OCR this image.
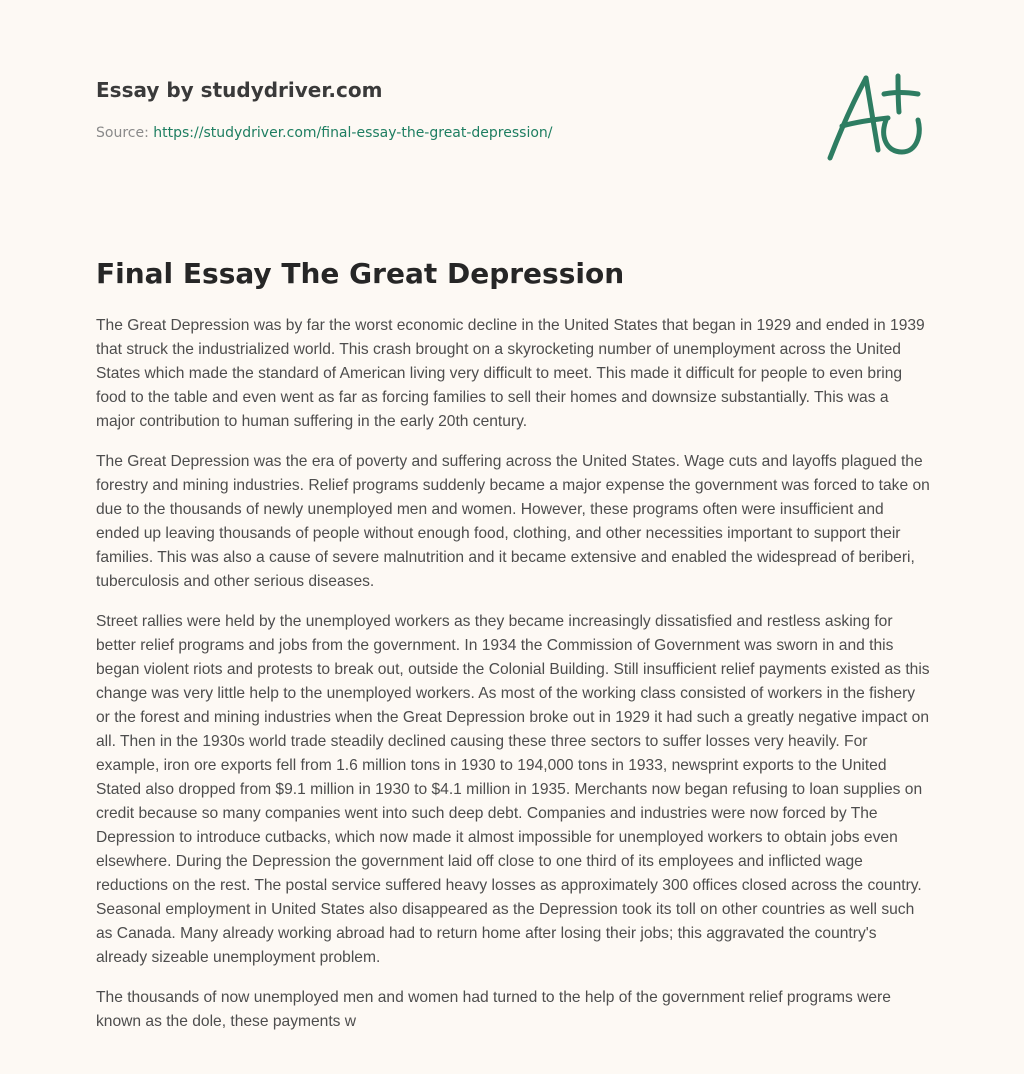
Essay by studydriver.com
Source: https://studydriver.com/final-essay-the-great-depression/
Final Essay The Great Depression

The Great Depression was by far the worst economic decline in the United States that began in 1929 and ended in 1939 that struck the industrialized world. This crash brought on a skyrocketing number of unemployment across the United States which made the standard of American living very difficult to meet. This made it difficult for people to even bring food to the table and even went as far as forcing families to sell their homes and downsize substantially. This was a major contribution to human suffering in the early 20th century.

The Great Depression was the era of poverty and suffering across the United States. Wage cuts and layoffs plagued the forestry and mining industries. Relief programs suddenly became a major expense the government was forced to take on due to the thousands of newly unemployed men and women. However, these programs often were insufficient and ended up leaving thousands of people without enough food, clothing, and other necessities important to support their families. This was also a cause of severe malnutrition and it became extensive and enabled the widespread of beriberi, tuberculosis and other serious diseases.

Street rallies were held by the unemployed workers as they became increasingly dissatisfied and restless asking for better relief programs and jobs from the government. In 1934 the Commission of Government was sworn in and this began violent riots and protests to break out, outside the Colonial Building. Still insufficient relief payments existed as this change was very little help to the unemployed workers. As most of the working class consisted of workers in the fishery or the forest and mining industries when the Great Depression broke out in 1929 it had such a greatly negative impact on all. Then in the 1930s world trade steadily declined causing these three sectors to suffer losses very heavily. For example, iron ore exports fell from 1.6 million tons in 1930 to 194,000 tons in 1933, newsprint exports to the United Stated also dropped from $9.1 million in 1930 to $4.1 million in 1935. Merchants now began refusing to loan supplies on credit because so many companies went into such deep debt. Companies and industries were now forced by The Depression to introduce cutbacks, which now made it almost impossible for unemployed workers to obtain jobs even elsewhere. During the Depression the government laid off close to one third of its employees and inflicted wage reductions on the rest. The postal service suffered heavy losses as approximately 300 offices closed across the country. Seasonal employment in United States also disappeared as the Depression took its toll on other countries as well such as Canada. Many already working abroad had to return home after losing their jobs; this aggravated the country's already sizeable unemployment problem.

The thousands of now unemployed men and women had turned to the help of the government relief programs were known as the dole, these payments w
